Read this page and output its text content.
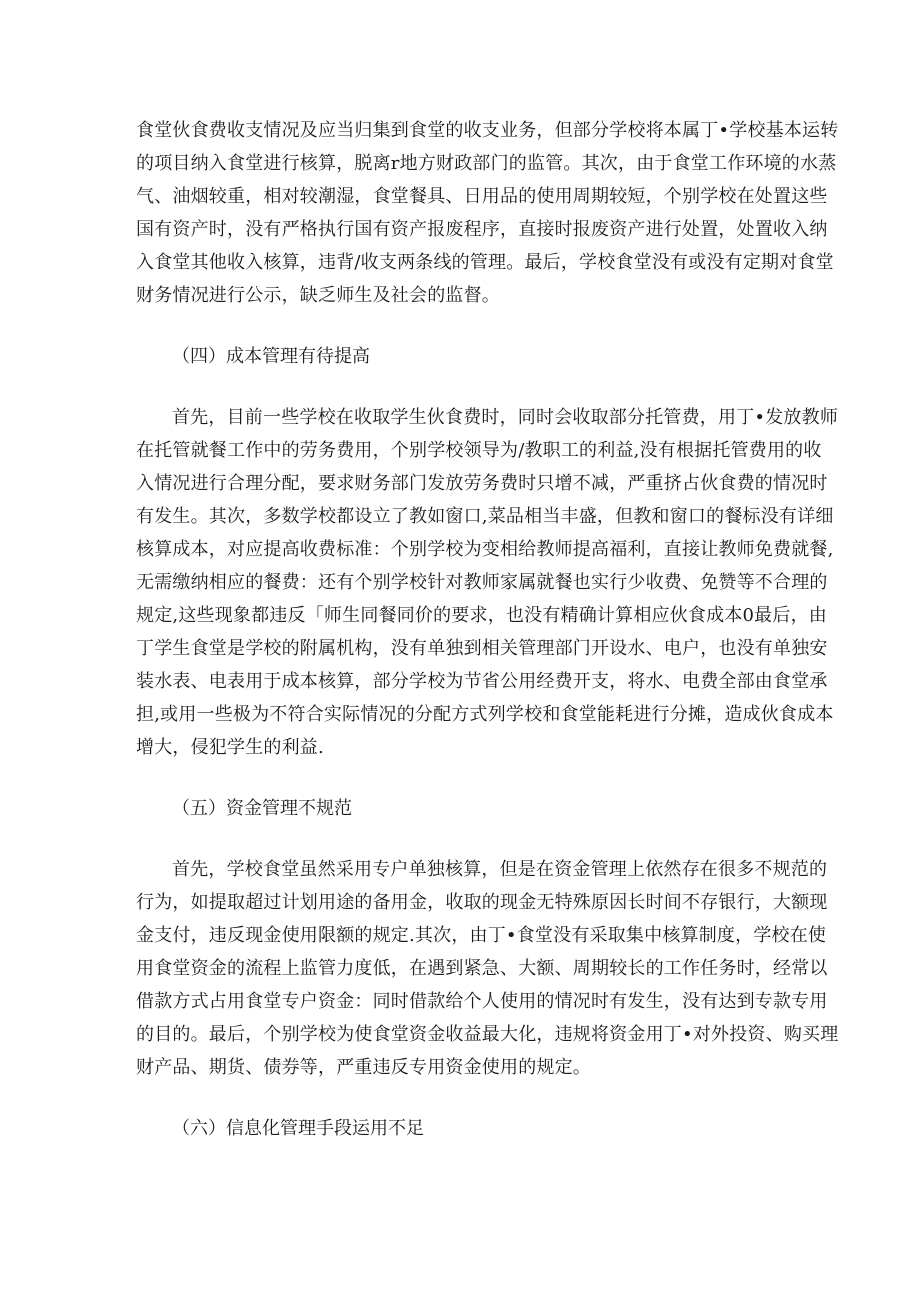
食堂伙食费收支情况及应当归集到食堂的收支业务，但部分学校将本属丁•学校基本运转
的项目纳入食堂进行核算，脱离r地方财政部门的监管。其次，由于食堂工作环境的水蒸
气、油烟较重，相对较潮湿，食堂餐具、日用品的使用周期较短，个别学校在处置这些
国有资产时，没有严格执行国有资产报废程序，直接时报废资产进行处置，处置收入纳
入食堂其他收入核算，违背/收支两条线的管理。最后，学校食堂没有或没有定期对食堂
财务情况进行公示，缺乏师生及社会的监督。
（四）成本管理有待提高
首先，目前一些学校在收取学生伙食费时，同时会收取部分托管费，用丁•发放教师
在托管就餐工作中的劳务费用，个别学校领导为/教职工的利益,没有根据托管费用的收
入情况进行合理分配，要求财务部门发放劳务费时只增不减，严重挤占伙食费的情况时
有发生。其次，多数学校都设立了教如窗口,菜品相当丰盛，但教和窗口的餐标没有详细
核算成本，对应提高收费标准：个别学校为变相给教师提高福利，直接让教师免费就餐,
无需缴纳相应的餐费：还有个别学校针对教师家属就餐也实行少收费、免赞等不合理的
规定,这些现象都违反「师生同餐同价的要求，也没有精确计算相应伙食成本0最后，由
丁学生食堂是学校的附属机构，没有单独到相关管理部门开设水、电户，也没有单独安
装水表、电表用于成本核算，部分学校为节省公用经费开支，将水、电费全部由食堂承
担,或用一些极为不符合实际情况的分配方式列学校和食堂能耗进行分摊，造成伙食成本
增大，侵犯学生的利益.
（五）资金管理不规范
首先，学校食堂虽然采用专户单独核算，但是在资金管理上依然存在很多不规范的
行为，如提取超过计划用途的备用金，收取的现金无特殊原因长时间不存银行，大额现
金支付，违反现金使用限额的规定.其次，由丁•食堂没有采取集中核算制度，学校在使
用食堂资金的流程上监管力度低，在遇到紧急、大额、周期较长的工作任务时，经常以
借款方式占用食堂专户资金：同时借款给个人使用的情况时有发生，没有达到专款专用
的目的。最后，个别学校为使食堂资金收益最大化，违规将资金用丁•对外投资、购买理
财产品、期货、债券等，严重违反专用资金使用的规定。
（六）信息化管理手段运用不足
